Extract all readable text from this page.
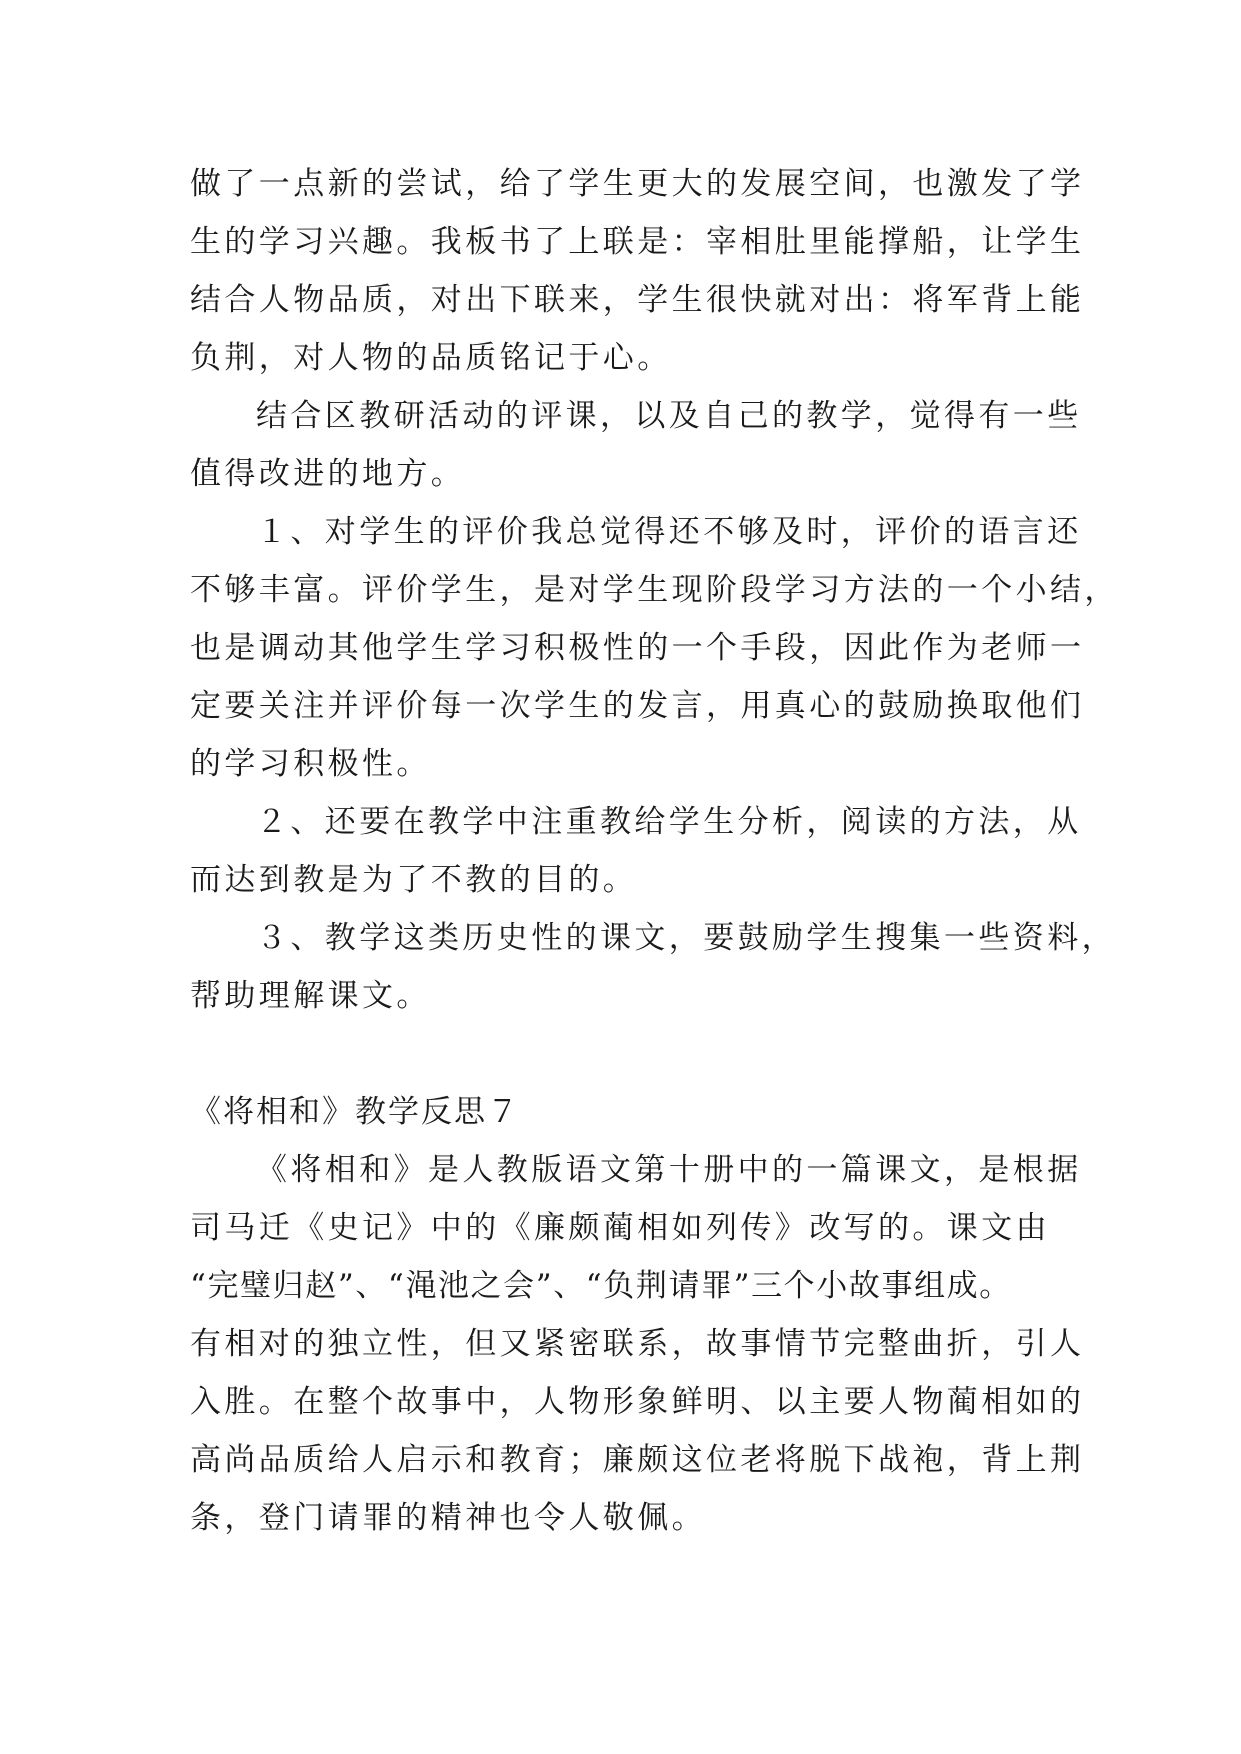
做了一点新的尝试，给了学生更大的发展空间，也激发了学
生的学习兴趣。我板书了上联是：宰相肚里能撑船，让学生
结合人物品质，对出下联来，学生很快就对出：将军背上能
负荆，对人物的品质铭记于心。
结合区教研活动的评课，以及自己的教学，觉得有一些
值得改进的地方。
１、对学生的评价我总觉得还不够及时，评价的语言还
不够丰富。评价学生，是对学生现阶段学习方法的一个小结，
也是调动其他学生学习积极性的一个手段，因此作为老师一
定要关注并评价每一次学生的发言，用真心的鼓励换取他们
的学习积极性。
２、还要在教学中注重教给学生分析，阅读的方法，从
而达到教是为了不教的目的。
３、教学这类历史性的课文，要鼓励学生搜集一些资料，
帮助理解课文。
《将相和》教学反思７
《将相和》是人教版语文第十册中的一篇课文，是根据
司马迁《史记》中的《廉颇蔺相如列传》改写的。课文由
“完璧归赵”、“渑池之会”、“负荆请罪”三个小故事组成。
有相对的独立性，但又紧密联系，故事情节完整曲折，引人
入胜。在整个故事中，人物形象鲜明、以主要人物蔺相如的
高尚品质给人启示和教育；廉颇这位老将脱下战袍，背上荆
条，登门请罪的精神也令人敬佩。
